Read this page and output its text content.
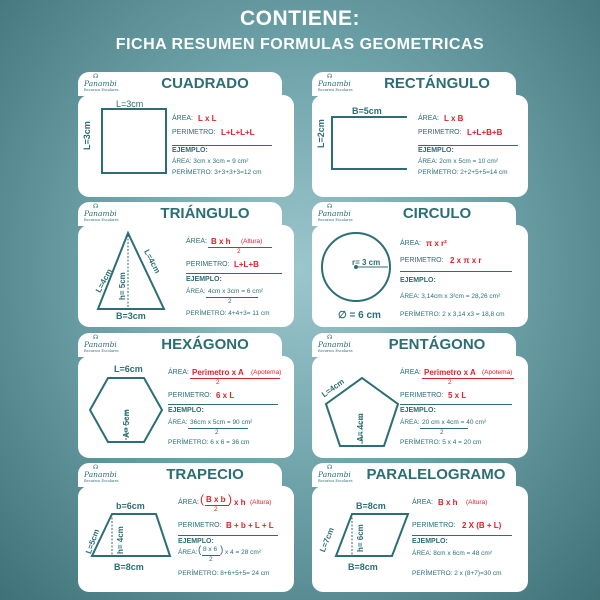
CONTIENE:
FICHA RESUMEN FORMULAS GEOMETRICAS
☊
Panambi
Recursos Escolares	CUADRADO
L=3cm
L=3cm
ÁREA: L x L
PERIMETRO: L+L+L+L
EJEMPLO:
ÁREA: 3cm x 3cm = 9 cm²
PERÍMETRO: 3+3+3+3=12 cm
☊
Panambi
Recursos Escolares	RECTÁNGULO
B=5cm
L=2cm
ÁREA: L x B
PERIMETRO: L+L+B+B
EJEMPLO:
ÁREA: 2cm x 5cm = 10 cm²
PERÍMETRO: 2+2+5+5=14 cm
☊
Panambi
Recursos Escolares	TRIÁNGULO
L=4cm
L=4cm
h= 5cm
B=3cm
ÁREA: B x h (Altura)
2
PERIMETRO: L+L+B
EJEMPLO:
ÁREA: 4cm x 3cm = 6 cm²
2
PERÍMETRO: 4+4+3= 11 cm
☊
Panambi
Recursos Escolares	CIRCULO
r= 3 cm
∅ = 6 cm
ÁREA: π x r²
PERIMETRO: 2 x π x r
EJEMPLO:
ÁREA: 3,14cm x 3²cm = 28,26 cm²
PERÍMETRO: 2 x 3,14 x3 = 18,8 cm
☊
Panambi
Recursos Escolares	HEXÁGONO
L=6cm
A= 5cm
ÁREA: Perimetro x A (Apotema)
2
PERIMETRO: 6 x L
EJEMPLO:
ÁREA: 36cm x 5cm = 90 cm²
2
PERÍMETRO: 6 x 6 = 36 cm
☊
Panambi
Recursos Escolares	PENTÁGONO
L=4cm
A= 4cm
ÁREA: Perimetro x A (Apotema)
2
PERIMETRO: 5 x L
EJEMPLO:
ÁREA: 20 cm x 4cm = 40 cm²
2
PERÍMETRO: 5 x 4 = 20 cm
☊
Panambi
Recursos Escolares	TRAPECIO
b=6cm
L=5cm h= 4cm
B=8cm
ÁREA: ( B x b )
2
x h (Altura)
PERIMETRO: B + b + L + L
EJEMPLO:
ÁREA: ( 8 x 6 )
2
x 4 = 28 cm²
PERÍMETRO: 8+6+5+5= 24 cm
☊
Panambi
Recursos Escolares PARALELOGRAMO
B=8cm
L=7cm	h= 6cm
B=8cm
ÁREA: B x h (Altura)
PERIMETRO: 2 X (B + L)
EJEMPLO:
ÁREA: 8cm x 6cm = 48 cm²
PERÍMETRO: 2 x (8+7)=30 cm
